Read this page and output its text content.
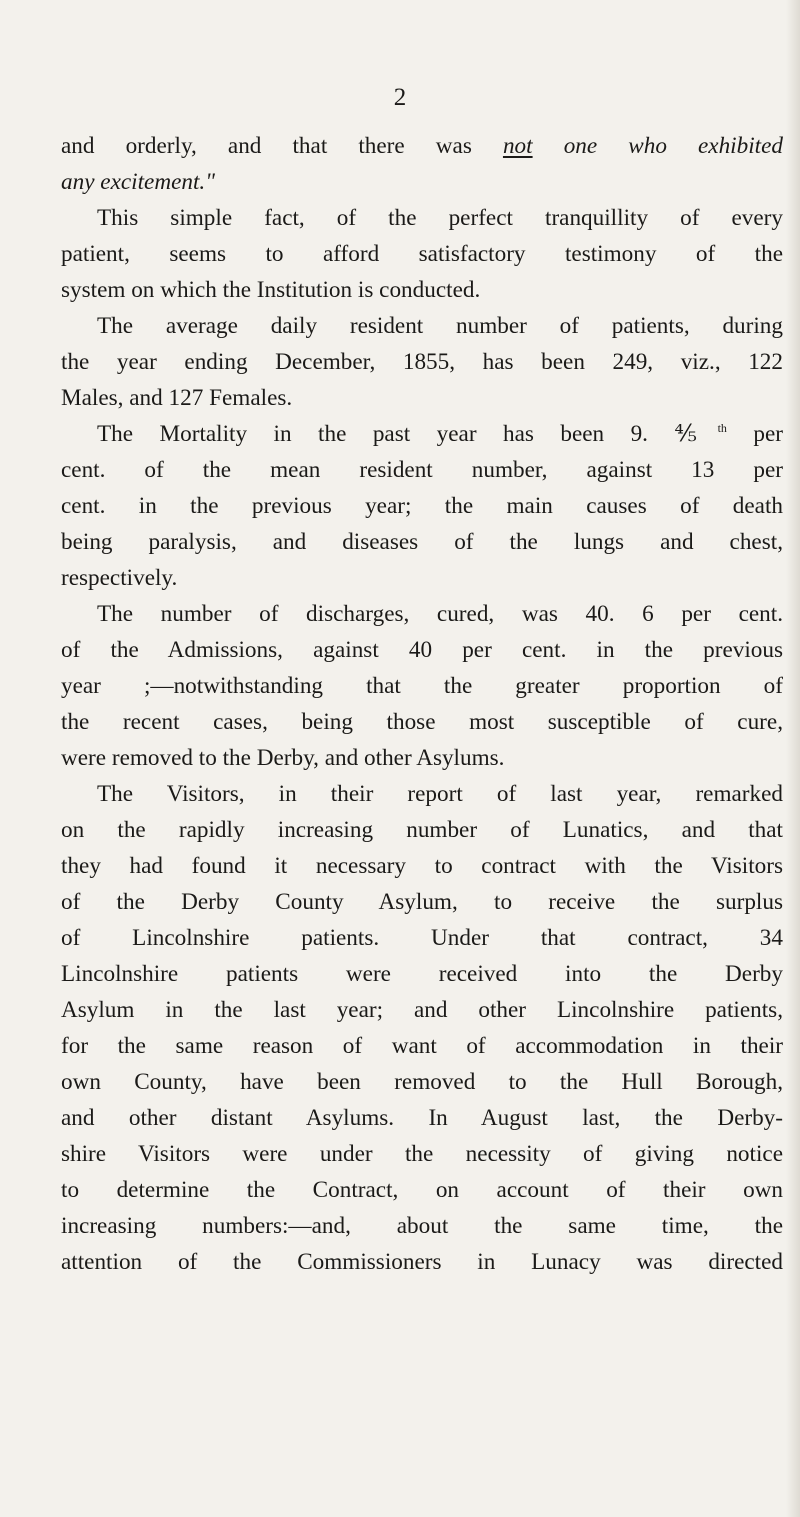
2
and orderly, and that there was not one who exhibited
any excitement."
This simple fact, of the perfect tranquillity of every
patient, seems to afford satisfactory testimony of the
system on which the Institution is conducted.
The average daily resident number of patients, during
the year ending December, 1855, has been 249, viz., 122
Males, and 127 Females.
The Mortality in the past year has been 9. ⅘$^{th}$ per
cent. of the mean resident number, against 13 per
cent. in the previous year; the main causes of death
being paralysis, and diseases of the lungs and chest,
respectively.
The number of discharges, cured, was 40. 6 per cent.
of the Admissions, against 40 per cent. in the previous
year ;—notwithstanding that the greater proportion of
the recent cases, being those most susceptible of cure,
were removed to the Derby, and other Asylums.
The Visitors, in their report of last year, remarked
on the rapidly increasing number of Lunatics, and that
they had found it necessary to contract with the Visitors
of the Derby County Asylum, to receive the surplus
of Lincolnshire patients. Under that contract, 34
Lincolnshire patients were received into the Derby
Asylum in the last year; and other Lincolnshire patients,
for the same reason of want of accommodation in their
own County, have been removed to the Hull Borough,
and other distant Asylums. In August last, the Derby-
shire Visitors were under the necessity of giving notice
to determine the Contract, on account of their own
increasing numbers:—and, about the same time, the
attention of the Commissioners in Lunacy was directed
